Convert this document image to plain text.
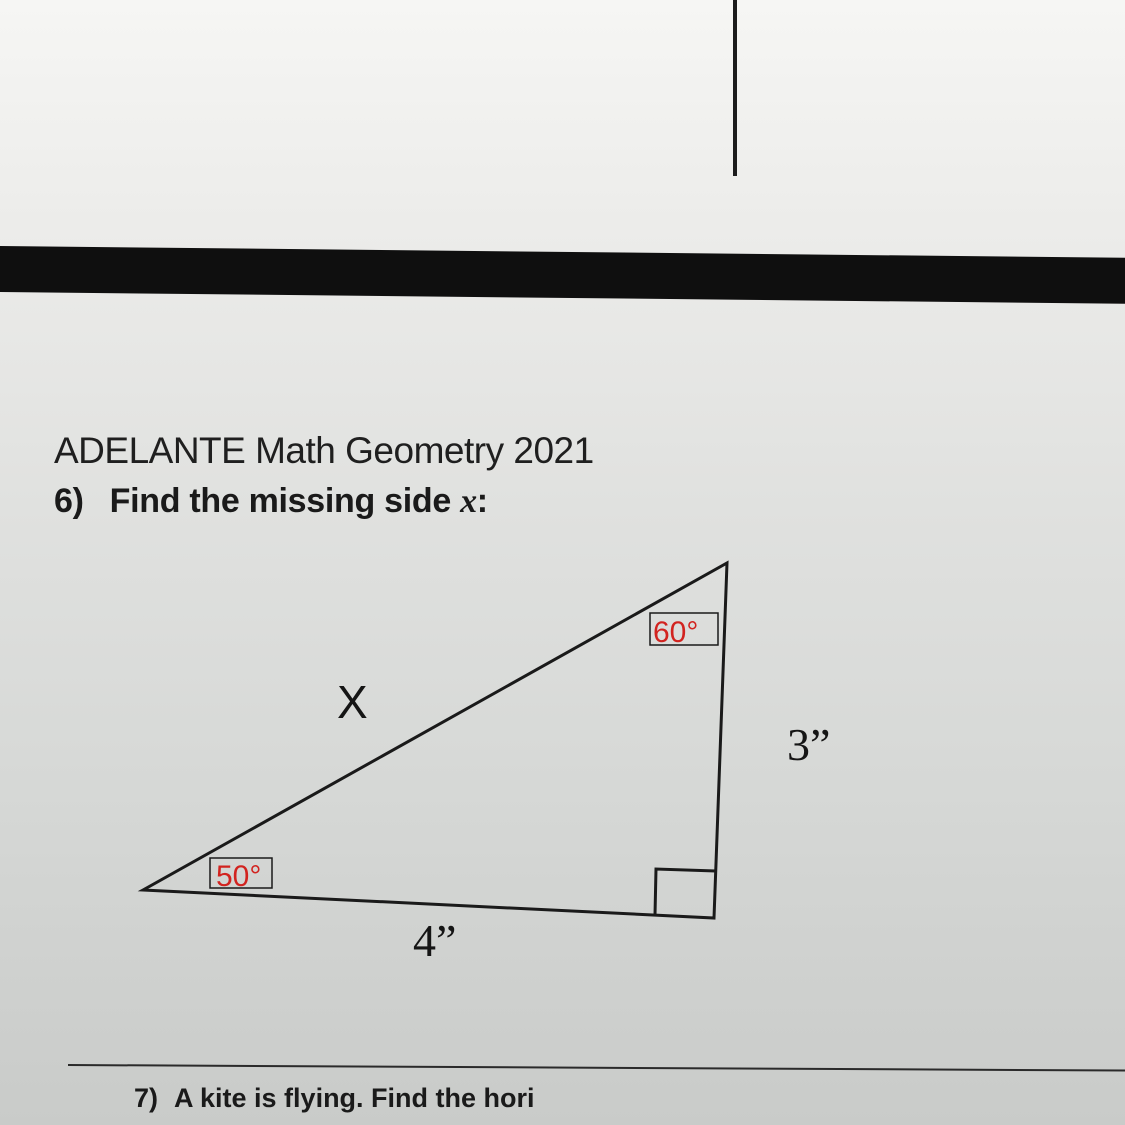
ADELANTE Math Geometry 2021
6) Find the missing side x:
60°
50°
X
3”
4”
7) A kite is flying. Find the hori
